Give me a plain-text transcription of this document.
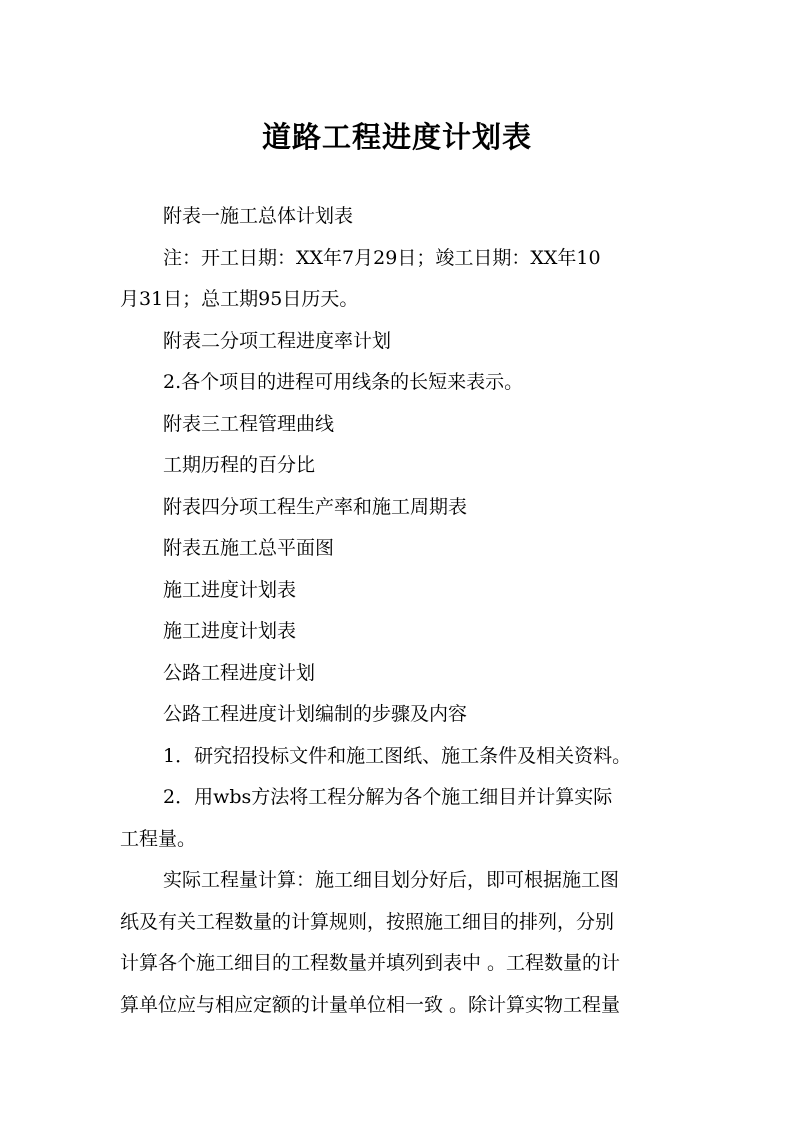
道路工程进度计划表

附表一施工总体计划表

注：开工日期：XX年7月29日；竣工日期：XX年10

月31日；总工期95日历天。

附表二分项工程进度率计划

2.各个项目的进程可用线条的长短来表示。

附表三工程管理曲线

工期历程的百分比

附表四分项工程生产率和施工周期表

附表五施工总平面图

施工进度计划表

施工进度计划表

公路工程进度计划

公路工程进度计划编制的步骤及内容

1．研究招投标文件和施工图纸、施工条件及相关资料。

2．用wbs方法将工程分解为各个施工细目并计算实际

工程量。

实际工程量计算：施工细目划分好后，即可根据施工图

纸及有关工程数量的计算规则，按照施工细目的排列，分别

计算各个施工细目的工程数量并填列到表中 。工程数量的计

算单位应与相应定额的计量单位相一致 。除计算实物工程量
